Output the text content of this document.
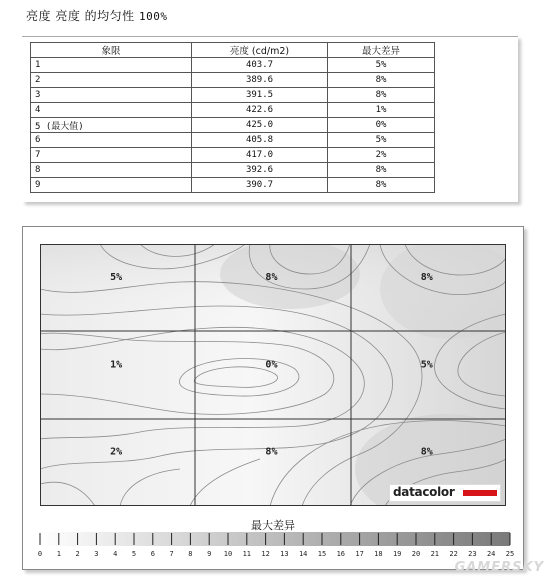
亮度 亮度 的均匀性 100%
象限	亮度 (cd/m2)	最大差异
1	403.7	5%
2	389.6	8%
3	391.5	8%
4	422.6	1%
5 (最大值)	425.0	0%
6	405.8	5%
7	417.0	2%
8	392.6	8%
9	390.7	8%
5%	8%	8%
1%	0%	5%
2%	8%	8%
datacolor
最大差异
0 1 2 3 4 5 6 7 8 9 10 11 12 13 14 15 16 17 18 19 20 21 22 23 24 25
GAMERSKY
